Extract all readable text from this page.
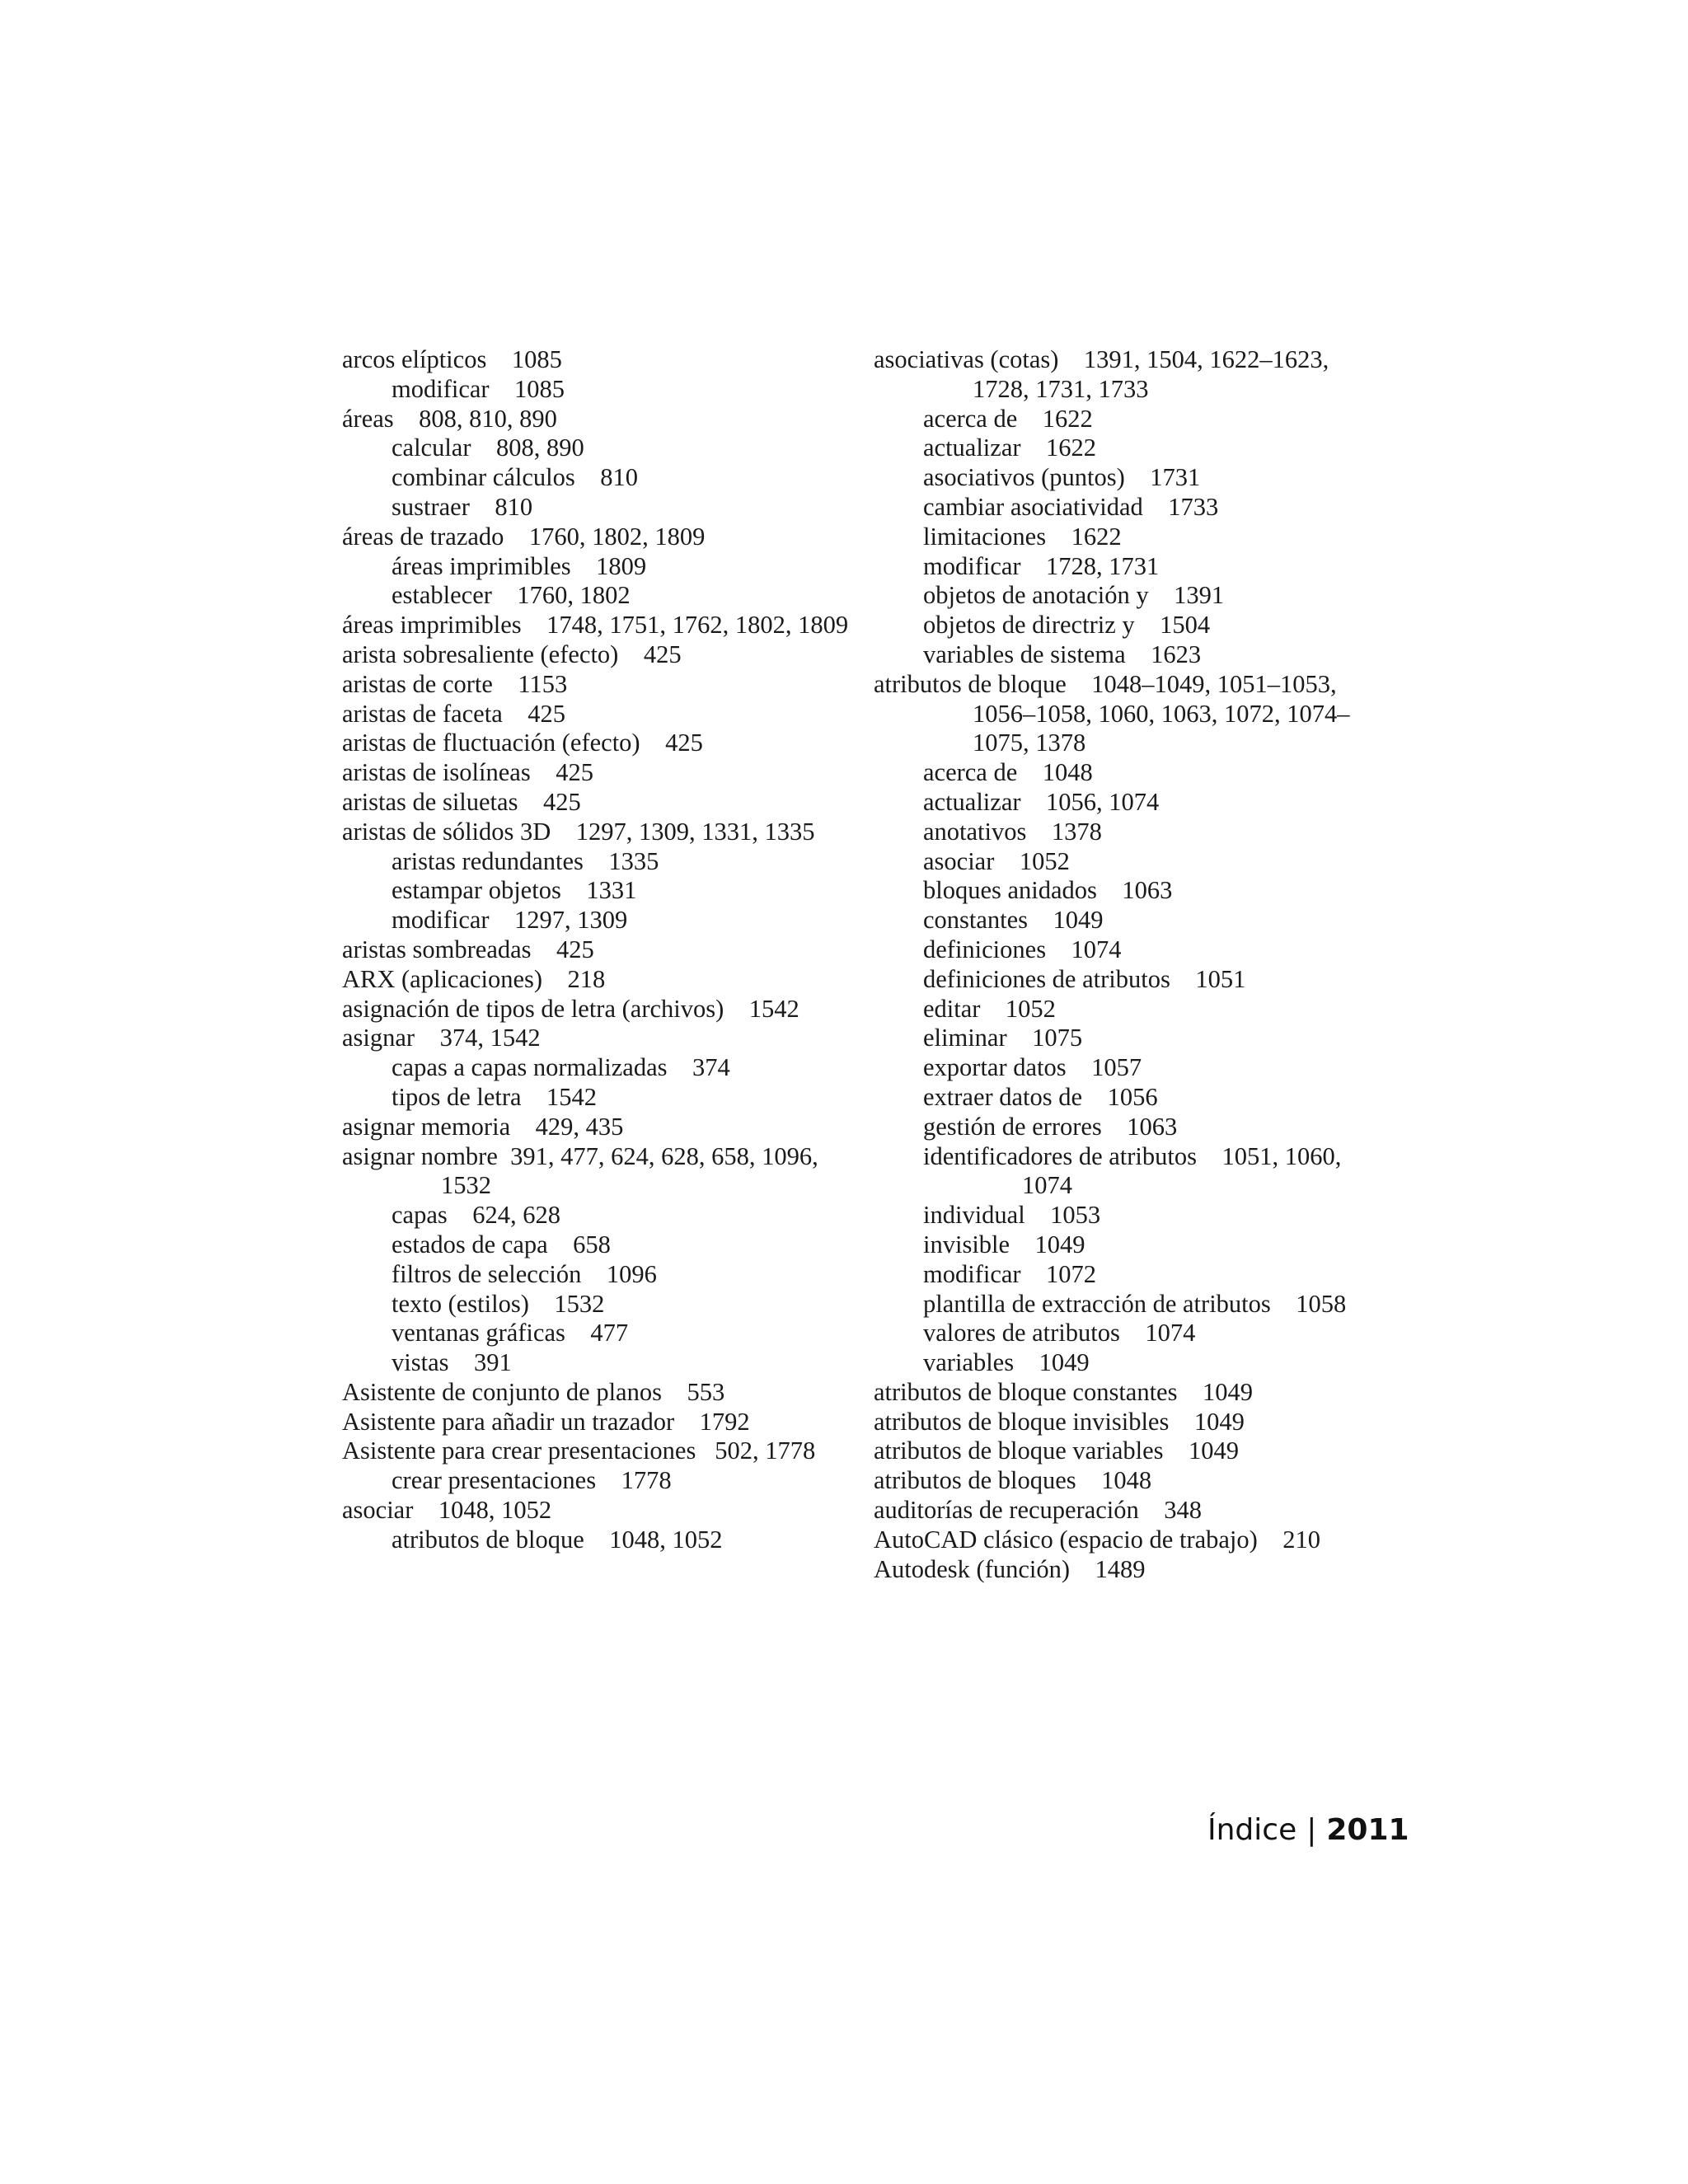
arcos elípticos    1085
modificar    1085
áreas    808, 810, 890
calcular    808, 890
combinar cálculos    810
sustraer    810
áreas de trazado    1760, 1802, 1809
áreas imprimibles    1809
establecer    1760, 1802
áreas imprimibles    1748, 1751, 1762, 1802, 1809
arista sobresaliente (efecto)    425
aristas de corte    1153
aristas de faceta    425
aristas de fluctuación (efecto)    425
aristas de isolíneas    425
aristas de siluetas    425
aristas de sólidos 3D    1297, 1309, 1331, 1335
aristas redundantes    1335
estampar objetos    1331
modificar    1297, 1309
aristas sombreadas    425
ARX (aplicaciones)    218
asignación de tipos de letra (archivos)    1542
asignar    374, 1542
capas a capas normalizadas    374
tipos de letra    1542
asignar memoria    429, 435
asignar nombre  391, 477, 624, 628, 658, 1096, 1532
capas    624, 628
estados de capa    658
filtros de selección    1096
texto (estilos)    1532
ventanas gráficas    477
vistas    391
Asistente de conjunto de planos    553
Asistente para añadir un trazador    1792
Asistente para crear presentaciones   502, 1778
crear presentaciones    1778
asociar    1048, 1052
atributos de bloque    1048, 1052
asociativas (cotas)    1391, 1504, 1622–1623, 1728, 1731, 1733
acerca de    1622
actualizar    1622
asociativos (puntos)    1731
cambiar asociatividad    1733
limitaciones    1622
modificar    1728, 1731
objetos de anotación y    1391
objetos de directriz y    1504
variables de sistema    1623
atributos de bloque    1048–1049, 1051–1053, 1056–1058, 1060, 1063, 1072, 1074–1075, 1378
acerca de    1048
actualizar    1056, 1074
anotativos    1378
asociar    1052
bloques anidados    1063
constantes    1049
definiciones    1074
definiciones de atributos    1051
editar    1052
eliminar    1075
exportar datos    1057
extraer datos de    1056
gestión de errores    1063
identificadores de atributos    1051, 1060, 1074
individual    1053
invisible    1049
modificar    1072
plantilla de extracción de atributos    1058
valores de atributos    1074
variables    1049
atributos de bloque constantes    1049
atributos de bloque invisibles    1049
atributos de bloque variables    1049
atributos de bloques    1048
auditorías de recuperación    348
AutoCAD clásico (espacio de trabajo)    210
Autodesk (función)    1489
Índice | 2011
